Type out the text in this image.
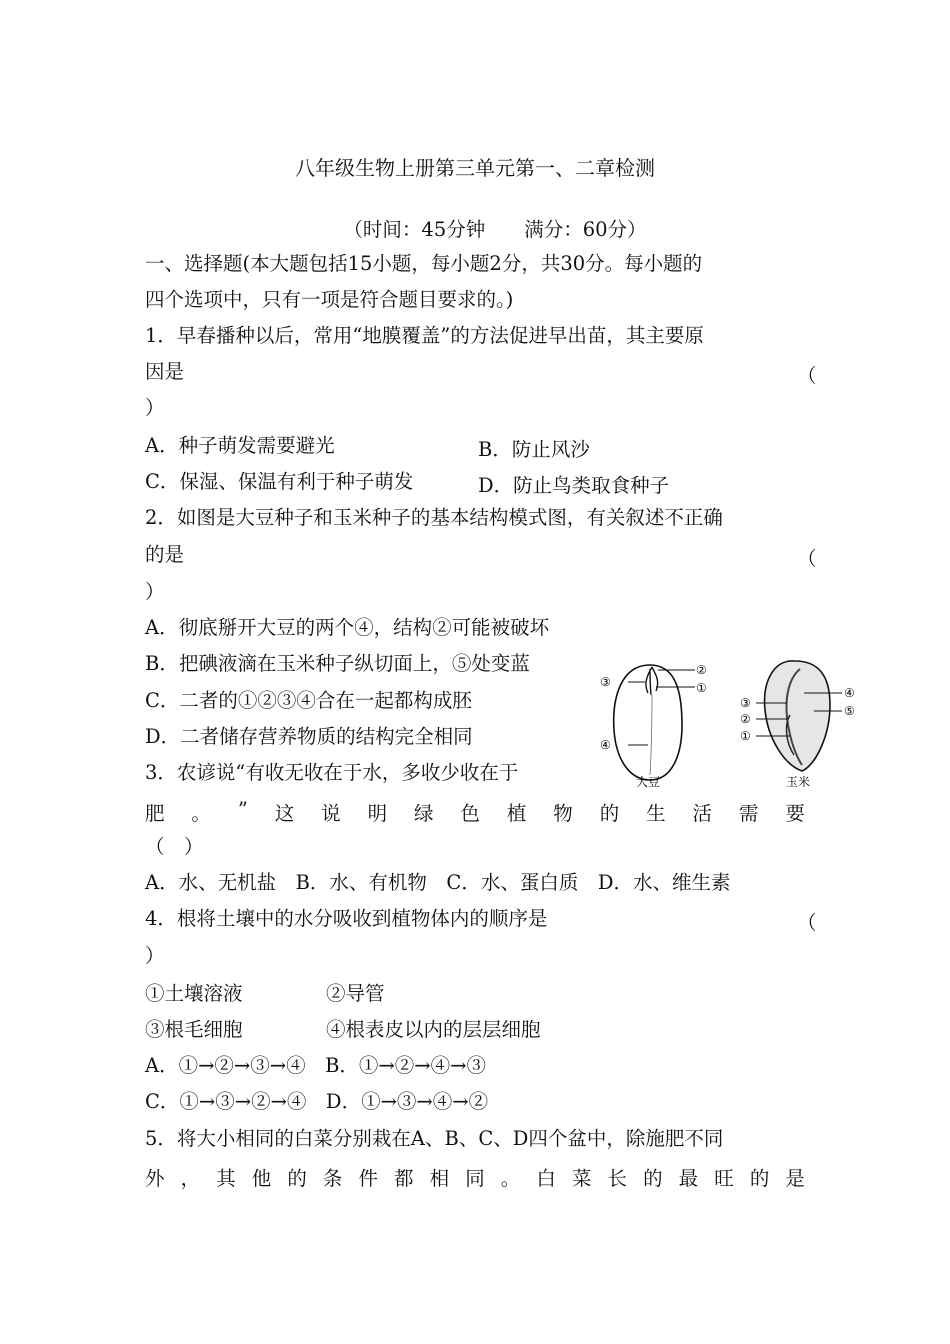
八年级生物上册第三单元第一、二章检测
（时间：45分钟　　满分：60分）
一、选择题(本大题包括15小题，每小题2分，共30分。每小题的
四个选项中，只有一项是符合题目要求的。)
1．早春播种以后，常用“地膜覆盖”的方法促进早出苗，其主要原
因是	（
）
A．种子萌发需要避光	B．防止风沙
C．保湿、保温有利于种子萌发	D．防止鸟类取食种子
2．如图是大豆种子和玉米种子的基本结构模式图，有关叙述不正确
的是	（
）
A．彻底掰开大豆的两个④，结构②可能被破坏
B．把碘液滴在玉米种子纵切面上，⑤处变蓝
C．二者的①②③④合在一起都构成胚
D．二者储存营养物质的结构完全相同
③
②
①
④
大豆
③
②
①
④
⑤
玉米
3．农谚说“有收无收在于水，多收少收在于
肥 。 ” 这 说 明 绿 色 植 物 的 生 活 需 要
（　）
A．水、无机盐　B．水、有机物　C．水、蛋白质　D．水、维生素
4．根将土壤中的水分吸收到植物体内的顺序是	（
）
①土壤溶液	②导管
③根毛细胞	④根表皮以内的层层细胞
A．①→②→③→④　B．①→②→④→③
C．①→③→②→④　D．①→③→④→②
5．将大小相同的白菜分别栽在A、B、C、D四个盆中，除施肥不同
外 ， 其 他 的 条 件 都 相 同 。 白 菜 长 的 最 旺 的 是
